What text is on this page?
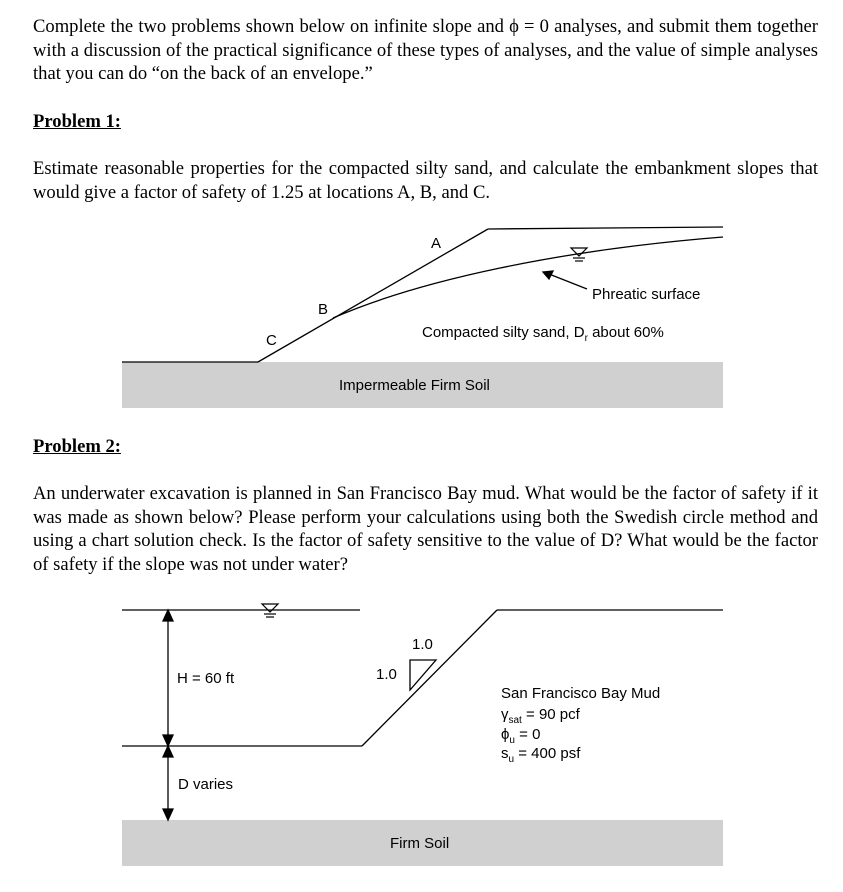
Complete the two problems shown below on infinite slope and ϕ = 0 analyses, and submit them together with a discussion of the practical significance of these types of analyses, and the value of simple analyses that you can do “on the back of an envelope.”
Problem 1:
Estimate reasonable properties for the compacted silty sand, and calculate the embankment slopes that would give a factor of safety of 1.25 at locations A, B, and C.
A
B
C
Phreatic surface
Compacted silty sand, $D_r$ about 60%
Impermeable Firm Soil
Problem 2:
An underwater excavation is planned in San Francisco Bay mud. What would be the factor of safety if it was made as shown below? Please perform your calculations using both the Swedish circle method and using a chart solution check. Is the factor of safety sensitive to the value of D? What would be the factor of safety if the slope was not under water?
H = 60 ft
D varies
1.0
1.0
San Francisco Bay Mud
$\gamma_{sat} = 90$ pcf
$\phi_u = 0$
$s_u = 400$ psf
Firm Soil
